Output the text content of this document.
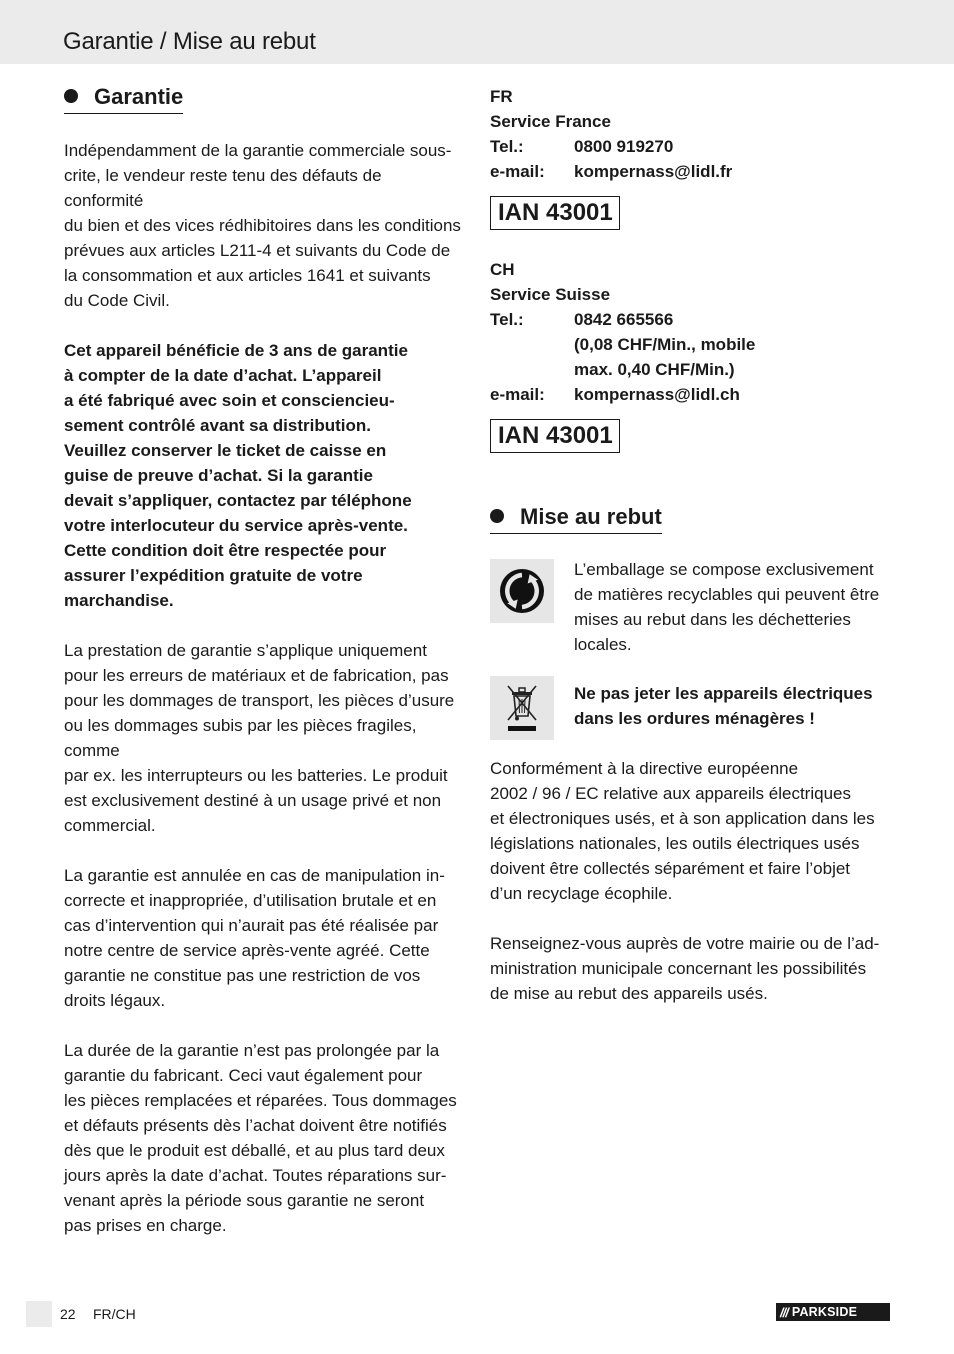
Garantie / Mise au rebut
Garantie
Indépendamment de la garantie commerciale sous-
crite, le vendeur reste tenu des défauts de conformité
du bien et des vices rédhibitoires dans les conditions
prévues aux articles L211-4 et suivants du Code de
la consommation et aux articles 1641 et suivants
du Code Civil.
Cet appareil bénéficie de 3 ans de garantie
à compter de la date d’achat. L’appareil
a été fabriqué avec soin et consciencieu-
sement contrôlé avant sa distribution.
Veuillez conserver le ticket de caisse en
guise de preuve d’achat. Si la garantie
devait s’appliquer, contactez par téléphone
votre interlocuteur du service après-vente.
Cette condition doit être respectée pour
assurer l’expédition gratuite de votre
marchandise.
La prestation de garantie s’applique uniquement
pour les erreurs de matériaux et de fabrication, pas
pour les dommages de transport, les pièces d’usure
ou les dommages subis par les pièces fragiles, comme
par ex. les interrupteurs ou les batteries. Le produit
est exclusivement destiné à un usage privé et non
commercial.
La garantie est annulée en cas de manipulation in-
correcte et inappropriée, d’utilisation brutale et en
cas d’intervention qui n’aurait pas été réalisée par
notre centre de service après-vente agréé. Cette
garantie ne constitue pas une restriction de vos
droits légaux.
La durée de la garantie n’est pas prolongée par la
garantie du fabricant. Ceci vaut également pour
les pièces remplacées et réparées. Tous dommages
et défauts présents dès l’achat doivent être notifiés
dès que le produit est déballé, et au plus tard deux
jours après la date d’achat. Toutes réparations sur-
venant après la période sous garantie ne seront
pas prises en charge.
FR
Service France
Tel.:	0800 919270
e-mail:	kompernass@lidl.fr
IAN 43001
CH
Service Suisse
Tel.:	0842 665566
(0,08 CHF/Min., mobile
max. 0,40 CHF/Min.)
e-mail:	kompernass@lidl.ch
IAN 43001
Mise au rebut
L’emballage se compose exclusivement
de matières recyclables qui peuvent être
mises au rebut dans les déchetteries
locales.
Ne pas jeter les appareils électriques
dans les ordures ménagères !
Conformément à la directive européenne
2002 / 96 / EC relative aux appareils électriques
et électroniques usés, et à son application dans les
législations nationales, les outils électriques usés
doivent être collectés séparément et faire l’objet
d’un recyclage écophile.
Renseignez-vous auprès de votre mairie ou de l’ad-
ministration municipale concernant les possibilités
de mise au rebut des appareils usés.
22 FR/CH	/// PARKSIDE
